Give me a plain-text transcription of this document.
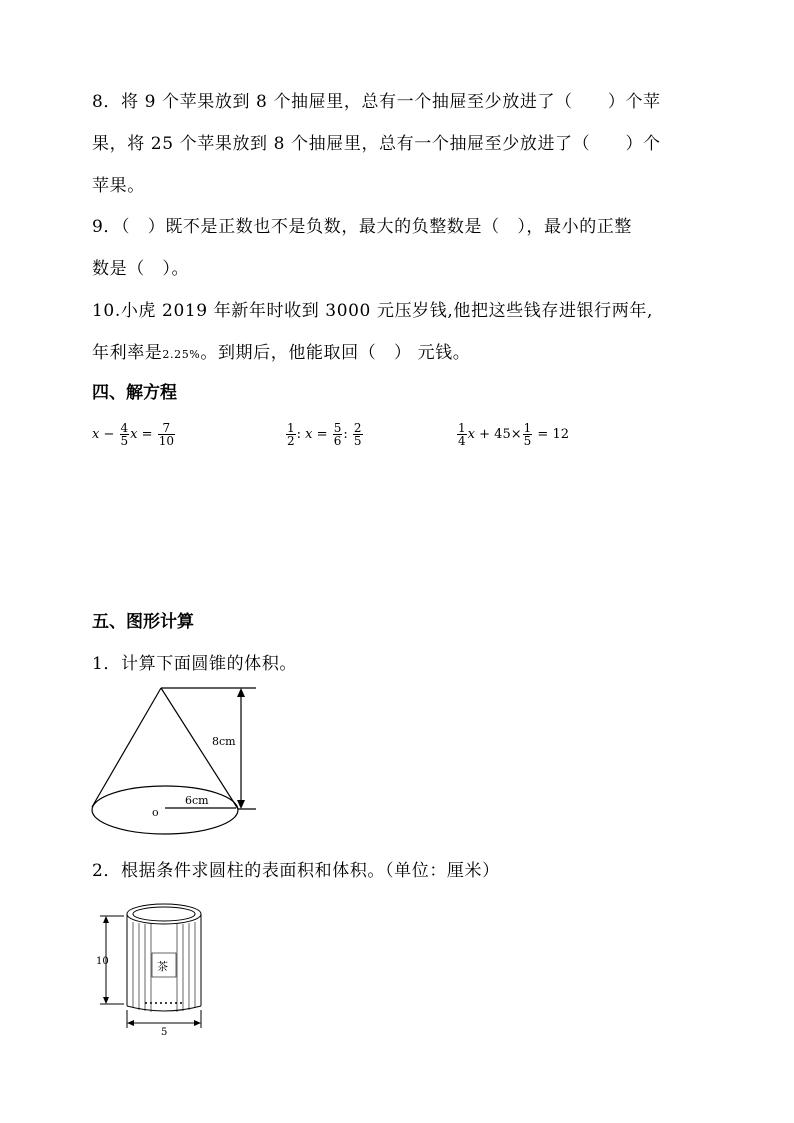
8．将 9 个苹果放到 8 个抽屉里，总有一个抽屉至少放进了（　　）个苹
果，将 25 个苹果放到 8 个抽屉里，总有一个抽屉至少放进了（　　）个
苹果。
9．（　）既不是正数也不是负数，最大的负整数是（　），最小的正整
数是（　）。
10.小虎 2019 年新年时收到 3000 元压岁钱,他把这些钱存进银行两年,
年利率是2.25%。到期后，他能取回（　） 元钱。
四、解方程
$x - \frac{4}{5}$ $x = \frac{7}{10}$	$\frac{1}{2}$ : $x = \frac{5}{6}$ : $\frac{2}{5}$	$\frac{1}{4}$ $x + 45\times \frac{1}{5} = 12$
五、图形计算
1．计算下面圆锥的体积。
8cm
6cm
o
2．根据条件求圆柱的表面积和体积。（单位：厘米）
10
5
茶
